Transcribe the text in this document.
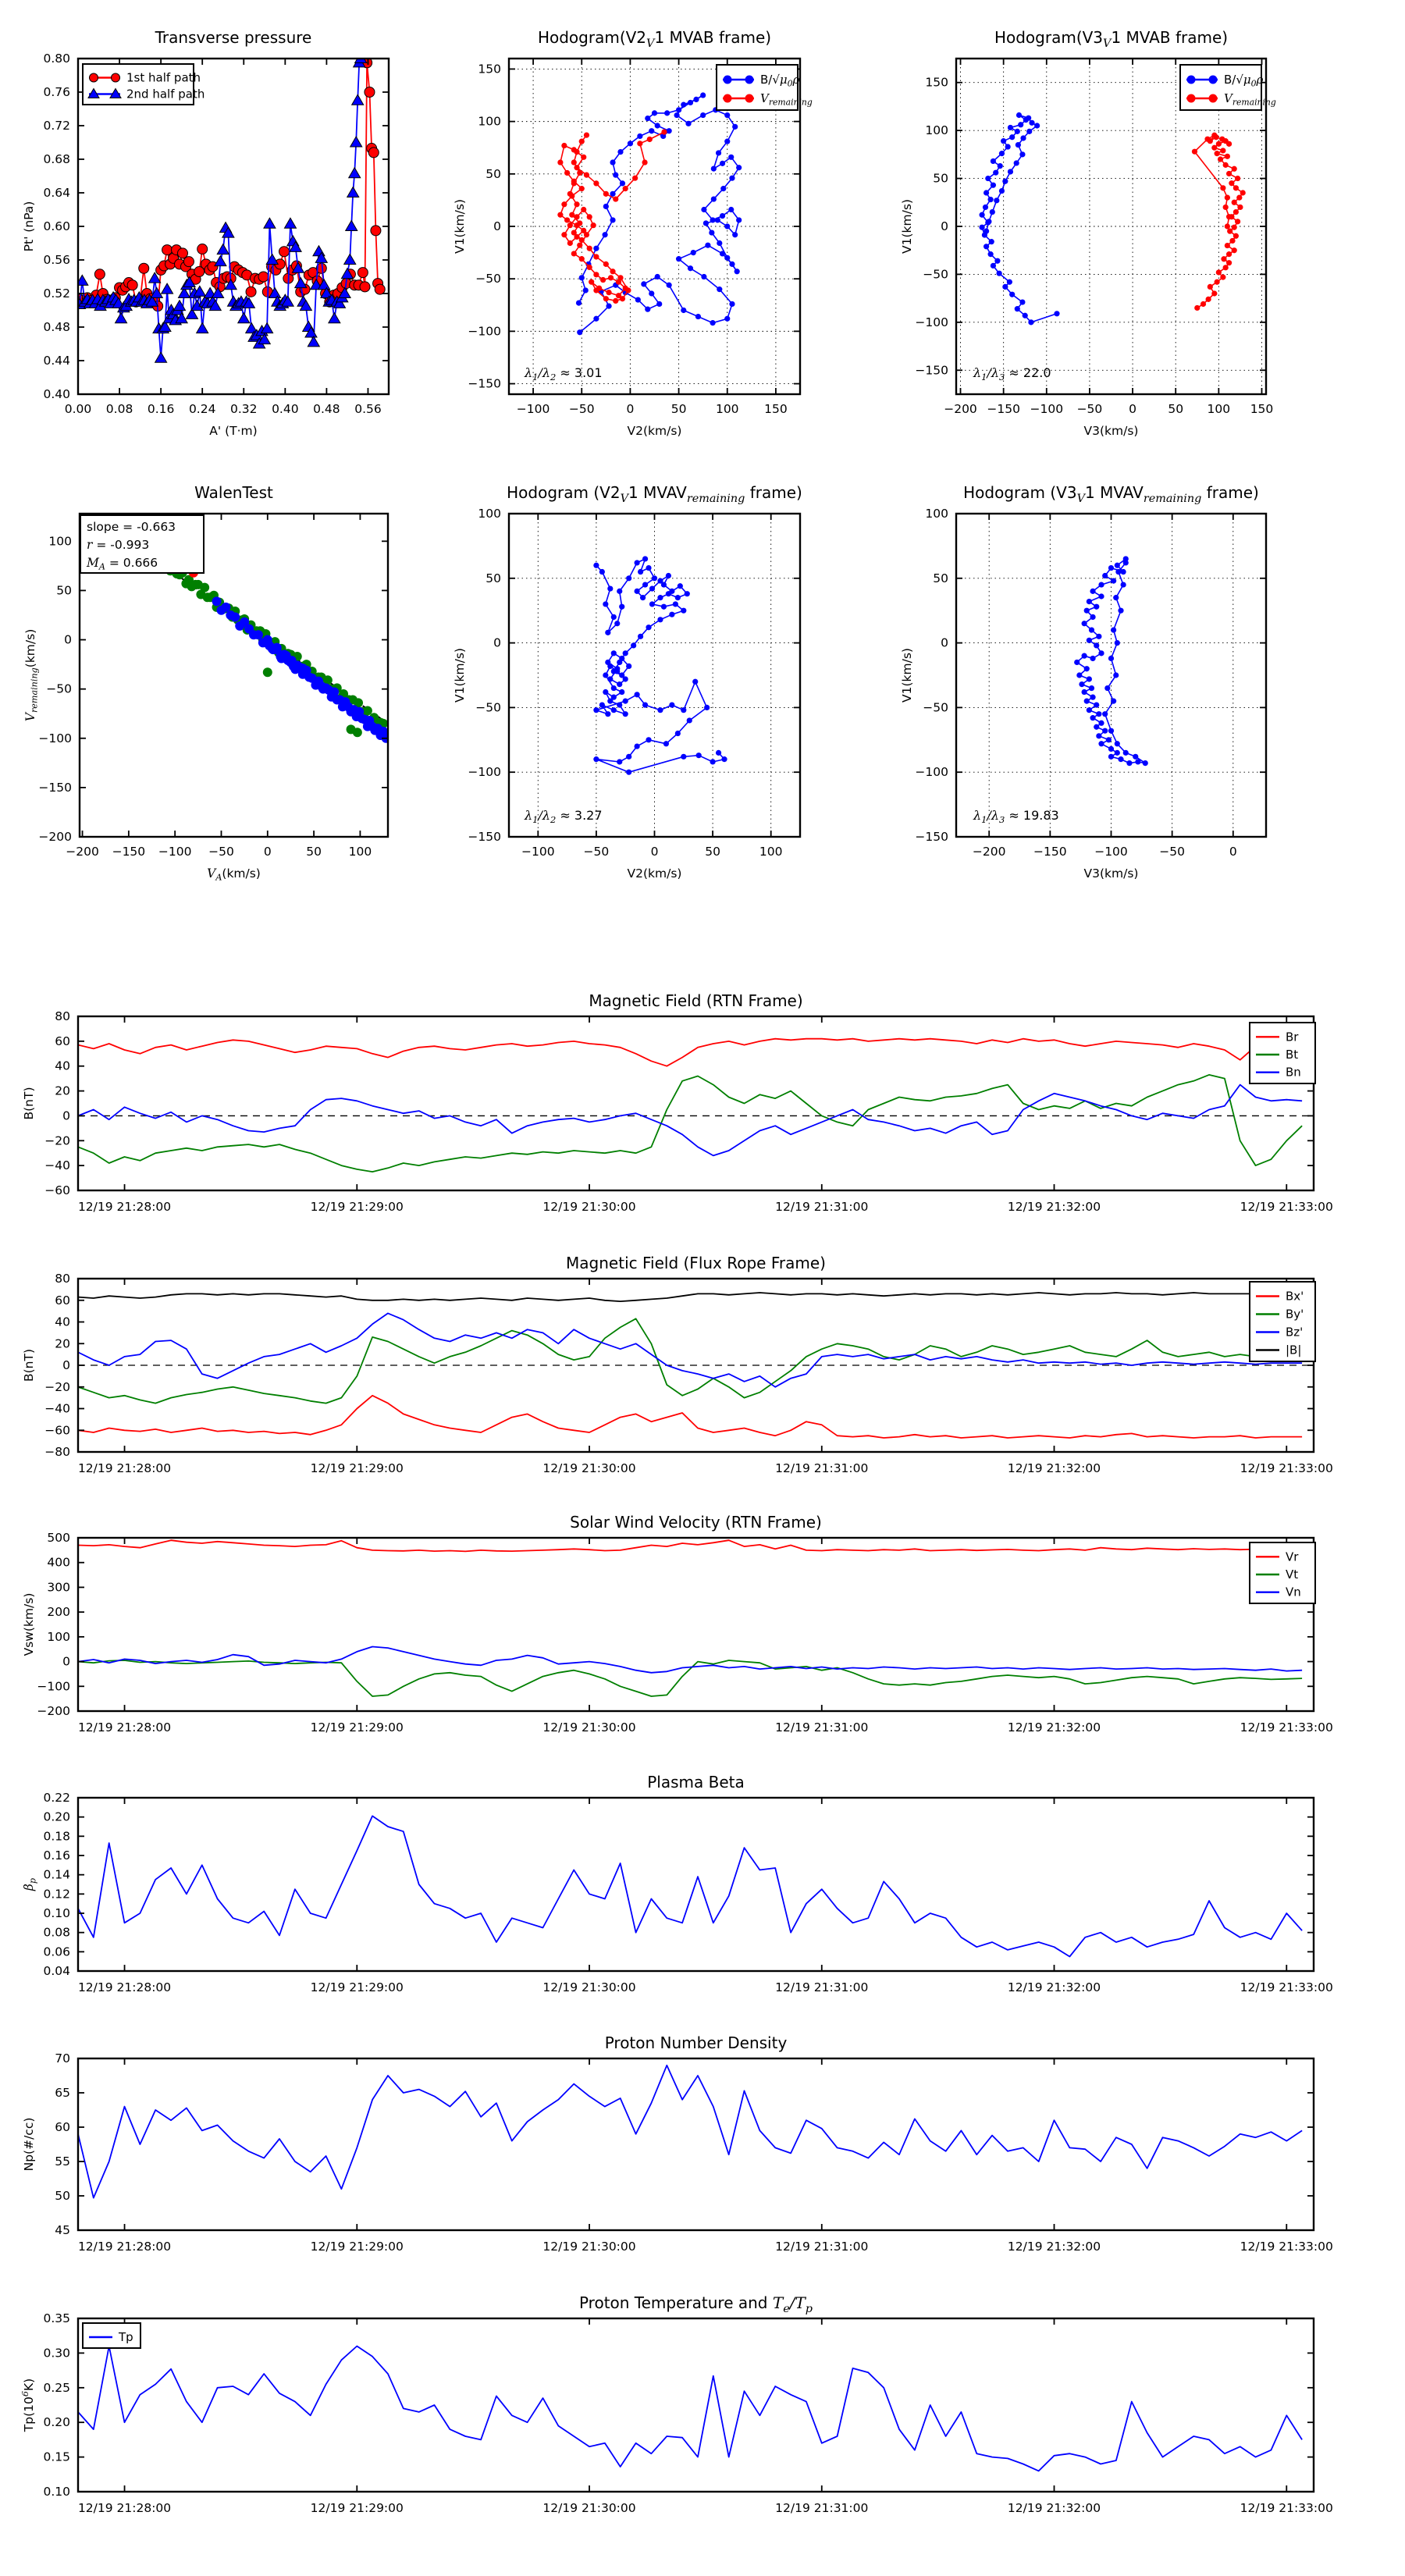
0.00 0.08 0.16 0.24 0.32 0.40 0.48 0.56
0.40
0.44
0.48
0.52
0.56
0.60
0.64
0.68
0.72
0.76
0.80
Transverse pressure
A' (T·m)
Pt' (nPa)
1st half path
2nd half path
−100 −50	0	50 100 150
−150
−100
−50
0
50
100
150
$Hodogram(V2_V1$ MVAB frame)
V2(km/s)
V1(km/s)
$\lambda_1/\lambda_2 \approx 3.01$
$B/√\mu_0\rho$
$V_{remaining}$
−200 −150 −100 −50 0	50 100 150
−150
−100
−50
0
50
100
150
$Hodogram(V3_V1$ MVAB frame)
V3(km/s)
V1(km/s)
$\lambda_1/\lambda_3 \approx 22.0$
$B/√\mu_0\rho$
$V_{remaining}$
−200 −150 −100 −50 0	50 100
−200
−150
−100
−50
0
50
100
WalenTest
$V_A(km/s)$
$V_{remaining}(km/s)$
slope = -0.663
r = -0.993
$M_A = 0.666$
−100 −50	0	50	100
−150
−100
−50
0
50
100
Hodogram ($V2_V1$ $MVAV_{remaining}$ frame)
V2(km/s)
V1(km/s)
$\lambda_1/\lambda_2 \approx 3.27$
−200 −150 −100	−50	0
−150
−100
−50
0
50
100
Hodogram ($V3_V1$ $MVAV_{remaining}$ frame)
V3(km/s)
V1(km/s)
$\lambda_1/\lambda_3 \approx 19.83$
12/19 21:28:00	12/19 21:29:00	12/19 21:30:00	12/19 21:31:00	12/19 21:32:00	12/19 21:33:00
80
60
40
20
0
−20
−40
−60
Magnetic Field (RTN Frame)
B(nT)
Br
Bt
Bn
12/19 21:28:00	12/19 21:29:00	12/19 21:30:00	12/19 21:31:00	12/19 21:32:00	12/19 21:33:00
80
60
40
20
0
−20
−40
−60
−80
Magnetic Field (Flux Rope Frame)
B(nT)
Bx'
By'
Bz'
|B|
12/19 21:28:00	12/19 21:29:00	12/19 21:30:00	12/19 21:31:00	12/19 21:32:00	12/19 21:33:00
500
400
300
200
100
0
−100
−200
Solar Wind Velocity (RTN Frame)
Vsw(km/s)
Vr
Vt
Vn
12/19 21:28:00	12/19 21:29:00	12/19 21:30:00	12/19 21:31:00	12/19 21:32:00	12/19 21:33:00
0.22
0.20
0.18
0.16
0.14
0.12
0.10
0.08
0.06
0.04
Plasma Beta
$\beta_p$
12/19 21:28:00	12/19 21:29:00	12/19 21:30:00	12/19 21:31:00	12/19 21:32:00	12/19 21:33:00
70
65
60
55
50
45
Proton Number Density
Np(#/cc)
12/19 21:28:00	12/19 21:29:00	12/19 21:30:00	12/19 21:31:00	12/19 21:32:00	12/19 21:33:00
0.35
0.30
0.25
0.20
0.15
0.10
Proton Temperature and $T_e/T_p$
$Tp(10^6K)$
Tp
